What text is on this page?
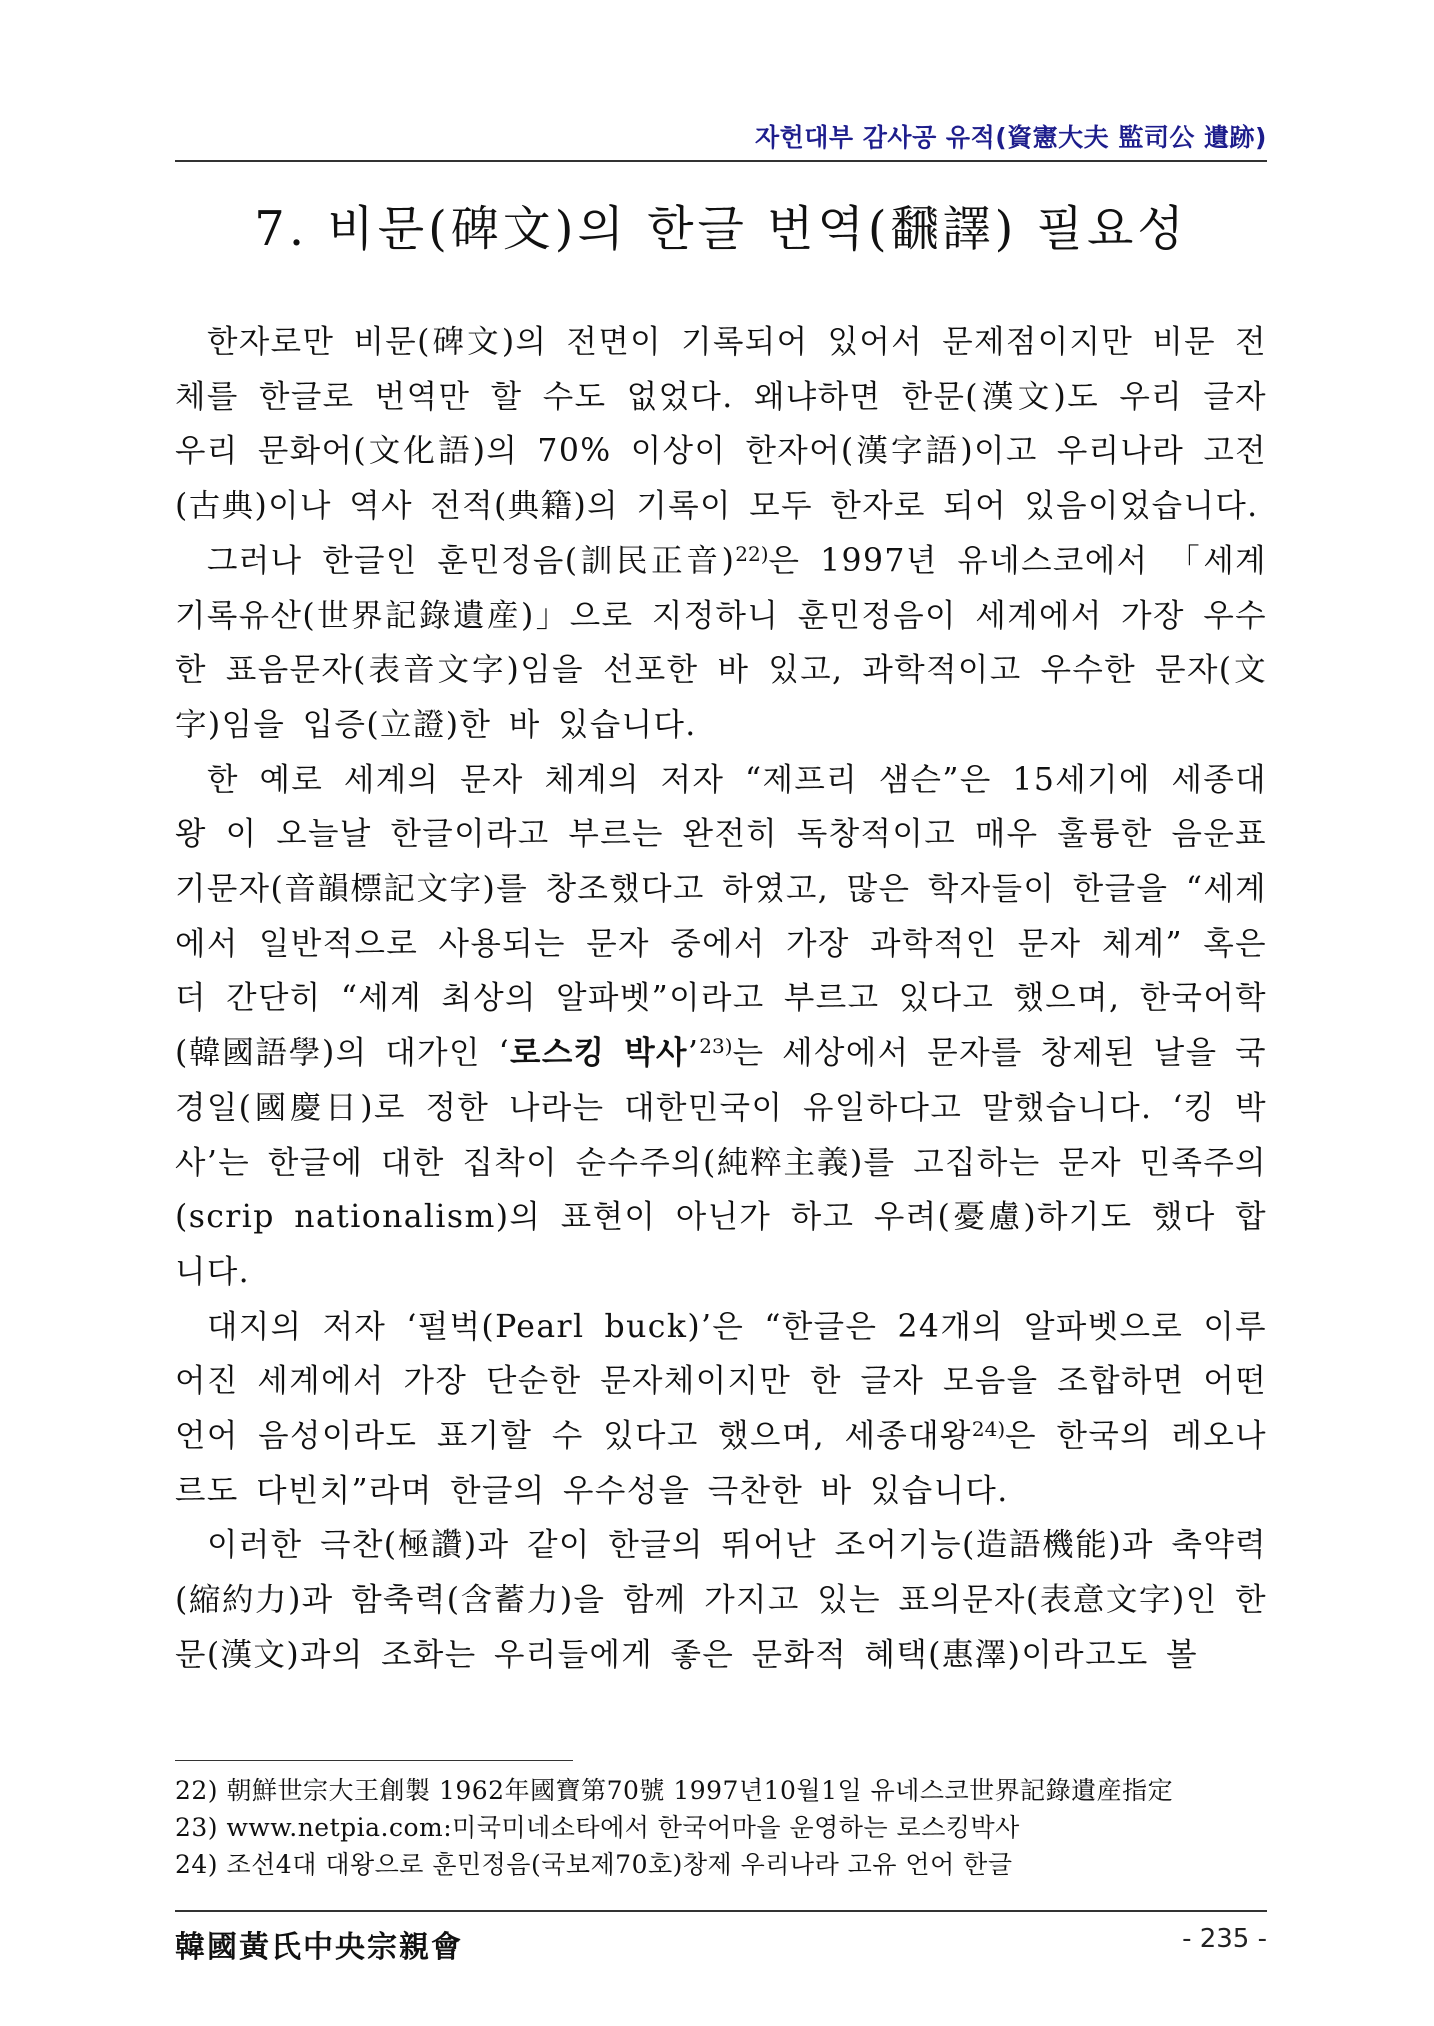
자헌대부 감사공 유적(資憲大夫 監司公 遺跡)
7. 비문(碑文)의 한글 번역(飜譯) 필요성

한자로만 비문(碑文)의 전면이 기록되어 있어서 문제점이지만 비문 전체를 한글로 번역만 할 수도 없었다. 왜냐하면 한문(漢文)도 우리 글자 우리 문화어(文化語)의 70% 이상이 한자어(漢字語)이고 우리나라 고전(古典)이나 역사 전적(典籍)의 기록이 모두 한자로 되어 있음이었습니다.

그러나 한글인 훈민정음(訓民正音)$^{22)}$은 1997년 유네스코에서 「세계기록유산(世界記錄遺産)」으로 지정하니 훈민정음이 세계에서 가장 우수한 표음문자(表音文字)임을 선포한 바 있고, 과학적이고 우수한 문자(文字)임을 입증(立證)한 바 있습니다.

한 예로 세계의 문자 체계의 저자 “제프리 샘슨”은 15세기에 세종대왕 이 오늘날 한글이라고 부르는 완전히 독창적이고 매우 훌륭한 음운표기문자(音韻標記文字)를 창조했다고 하였고, 많은 학자들이 한글을 “세계에서 일반적으로 사용되는 문자 중에서 가장 과학적인 문자 체계” 혹은 더 간단히 “세계 최상의 알파벳”이라고 부르고 있다고 했으며, 한국어학(韓國語學)의 대가인 ‘로스킹 박사’$^{23)}$는 세상에서 문자를 창제된 날을 국경일(國慶日)로 정한 나라는 대한민국이 유일하다고 말했습니다. ‘킹 박사’는 한글에 대한 집착이 순수주의(純粹主義)를 고집하는 문자 민족주의(scrip nationalism)의 표현이 아닌가 하고 우려(憂慮)하기도 했다 합니다.

대지의 저자 ‘펄벅(Pearl buck)’은 “한글은 24개의 알파벳으로 이루어진 세계에서 가장 단순한 문자체이지만 한 글자 모음을 조합하면 어떤 언어 음성이라도 표기할 수 있다고 했으며, 세종대왕$^{24)}$은 한국의 레오나르도 다빈치”라며 한글의 우수성을 극찬한 바 있습니다.

이러한 극찬(極讚)과 같이 한글의 뛰어난 조어기능(造語機能)과 축약력(縮約力)과 함축력(含蓄力)을 함께 가지고 있는 표의문자(表意文字)인 한문(漢文)과의 조화는 우리들에게 좋은 문화적 혜택(惠澤)이라고도 볼

22) 朝鮮世宗大王創製 1962年國寶第70號 1997년10월1일 유네스코世界記錄遺産指定
23) www.netpia.com:미국미네소타에서 한국어마을 운영하는 로스킹박사
24) 조선4대 대왕으로 훈민정음(국보제70호)창제 우리나라 고유 언어 한글
韓國黃氏中央宗親會	- 235 -
